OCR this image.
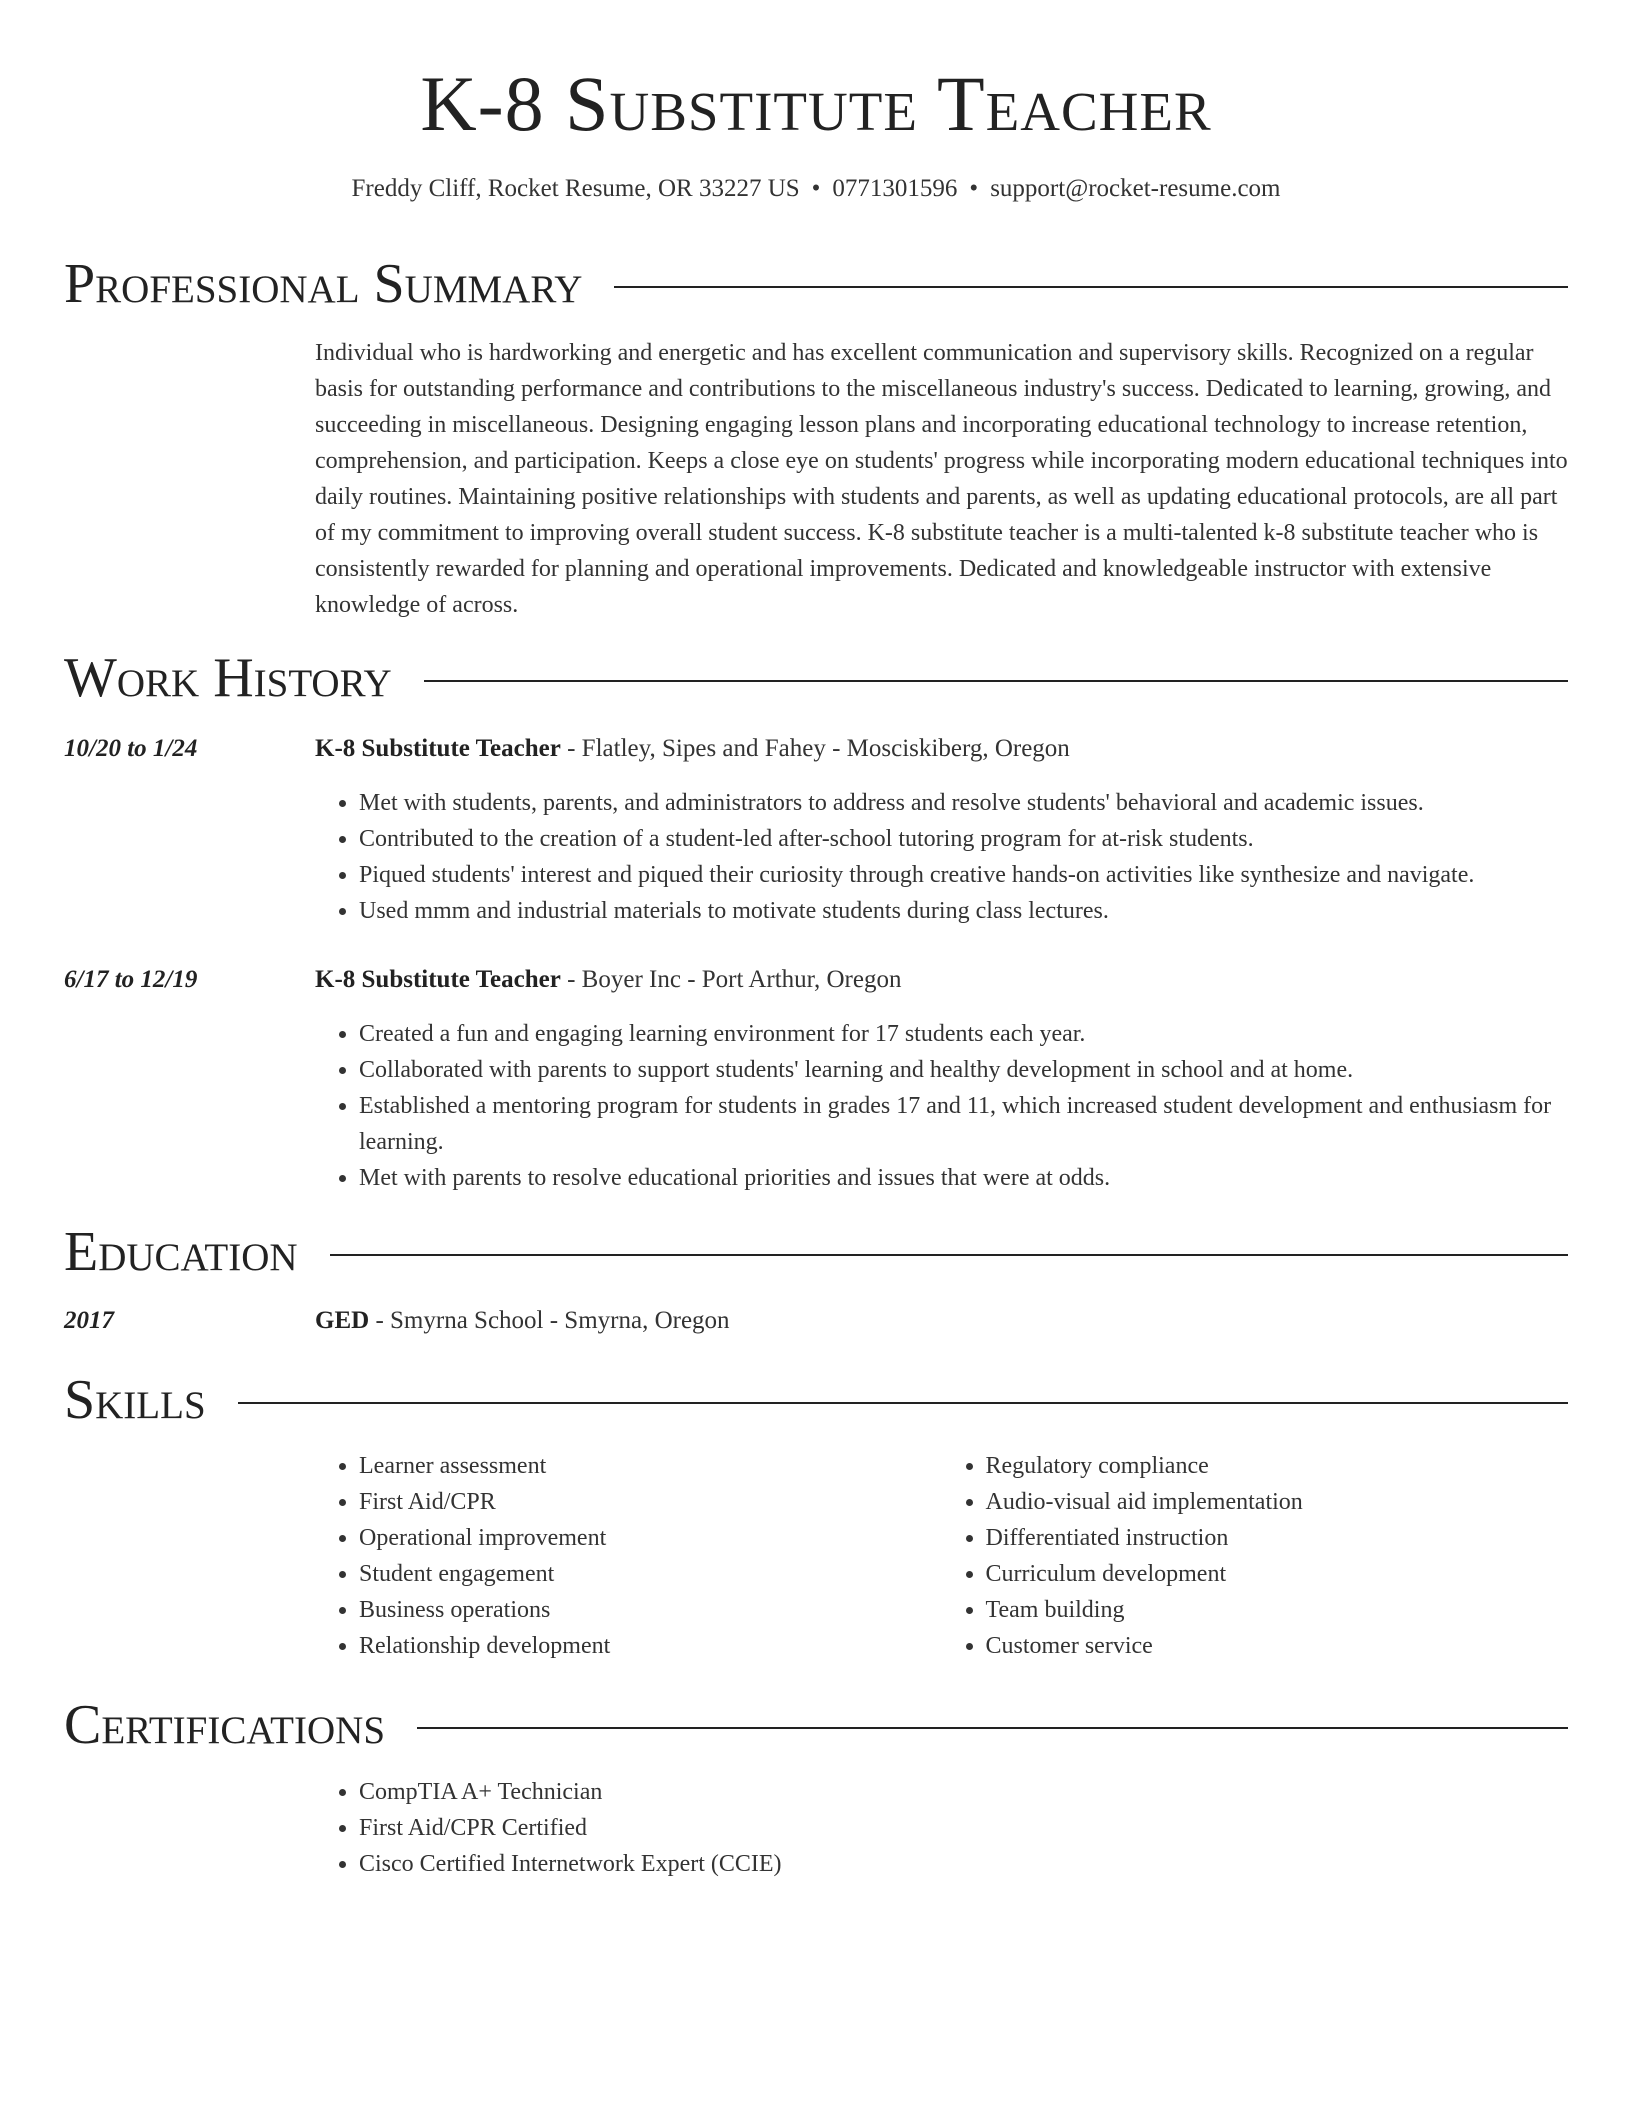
K-8 Substitute Teacher
Freddy Cliff, Rocket Resume, OR 33227 US • 0771301596 • support@rocket-resume.com
Professional Summary

Individual who is hardworking and energetic and has excellent communication and supervisory skills. Recognized on a regular basis for outstanding performance and contributions to the miscellaneous industry's success. Dedicated to learning, growing, and succeeding in miscellaneous. Designing engaging lesson plans and incorporating educational technology to increase retention, comprehension, and participation. Keeps a close eye on students' progress while incorporating modern educational techniques into daily routines. Maintaining positive relationships with students and parents, as well as updating educational protocols, are all part of my commitment to improving overall student success. K-8 substitute teacher is a multi-talented k-8 substitute teacher who is consistently rewarded for planning and operational improvements. Dedicated and knowledgeable instructor with extensive knowledge of across.

Work History
10/20 to 1/24	K-8 Substitute Teacher - Flatley, Sipes and Fahey - Mosciskiberg, Oregon
• Met with students, parents, and administrators to address and resolve students' behavioral and academic issues.
• Contributed to the creation of a student-led after-school tutoring program for at-risk students.
• Piqued students' interest and piqued their curiosity through creative hands-on activities like synthesize and navigate.
• Used mmm and industrial materials to motivate students during class lectures.
6/17 to 12/19	K-8 Substitute Teacher - Boyer Inc - Port Arthur, Oregon
• Created a fun and engaging learning environment for 17 students each year.
• Collaborated with parents to support students' learning and healthy development in school and at home.
• Established a mentoring program for students in grades 17 and 11, which increased student development and enthusiasm for learning.
• Met with parents to resolve educational priorities and issues that were at odds.
Education
2017	GED - Smyrna School - Smyrna, Oregon
Skills
• Learner assessment
• First Aid/CPR
• Operational improvement
• Student engagement
• Business operations
• Relationship development
• Regulatory compliance
• Audio-visual aid implementation
• Differentiated instruction
• Curriculum development
• Team building
• Customer service
Certifications
• CompTIA A+ Technician
• First Aid/CPR Certified
• Cisco Certified Internetwork Expert (CCIE)
